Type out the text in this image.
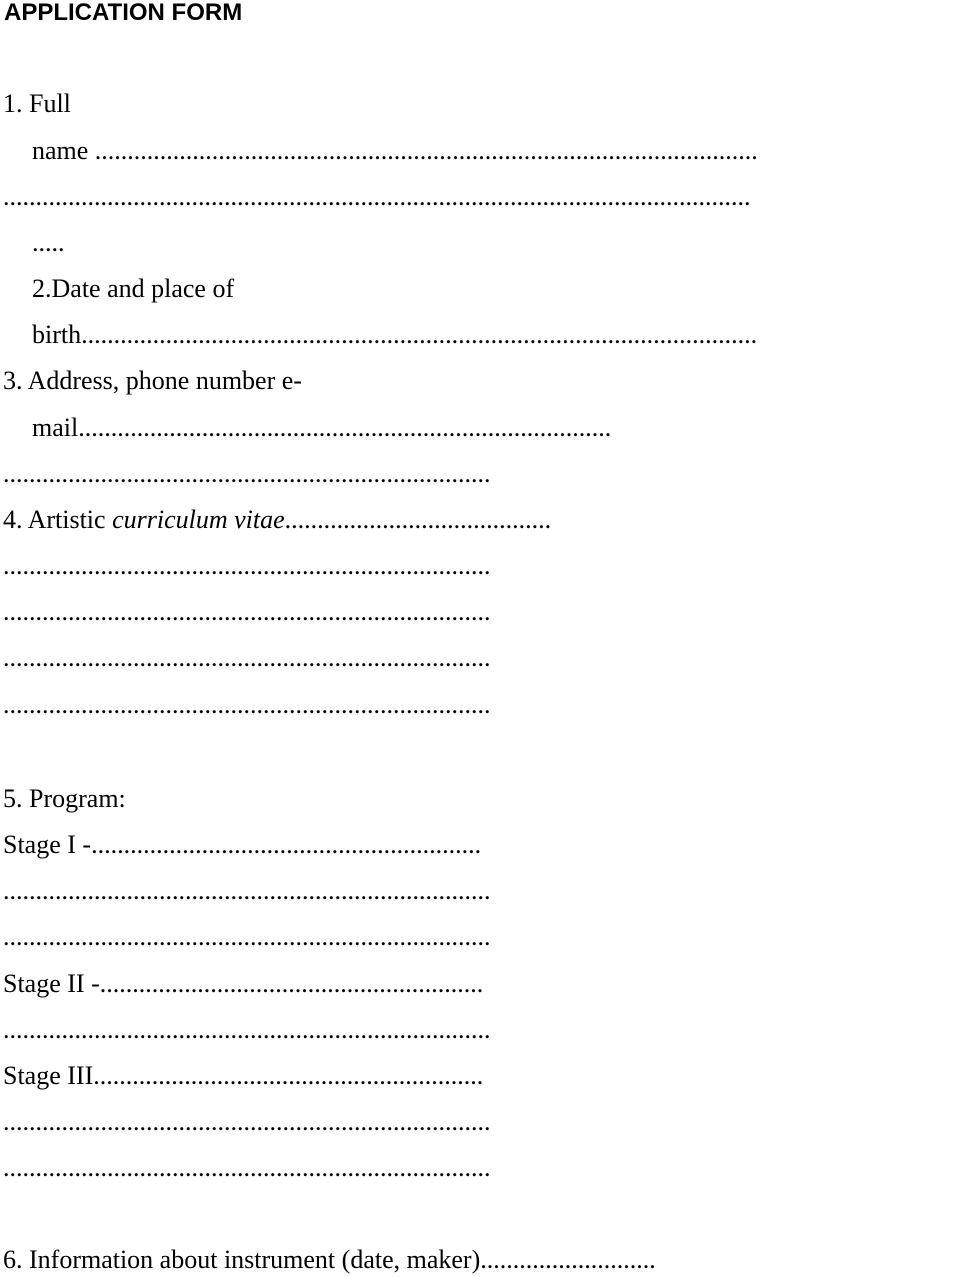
APPLICATION FORM
1. Full
name ......................................................................................................
...................................................................................................................
.....
2.Date and place of
birth........................................................................................................
3. Address, phone number e-
mail..................................................................................
...........................................................................
4. Artistic curriculum vitae.........................................
...........................................................................
...........................................................................
...........................................................................
...........................................................................
5. Program:
Stage I -............................................................
...........................................................................
...........................................................................
Stage II -...........................................................
...........................................................................
Stage III............................................................
...........................................................................
...........................................................................
6. Information about instrument (date, maker)...........................
